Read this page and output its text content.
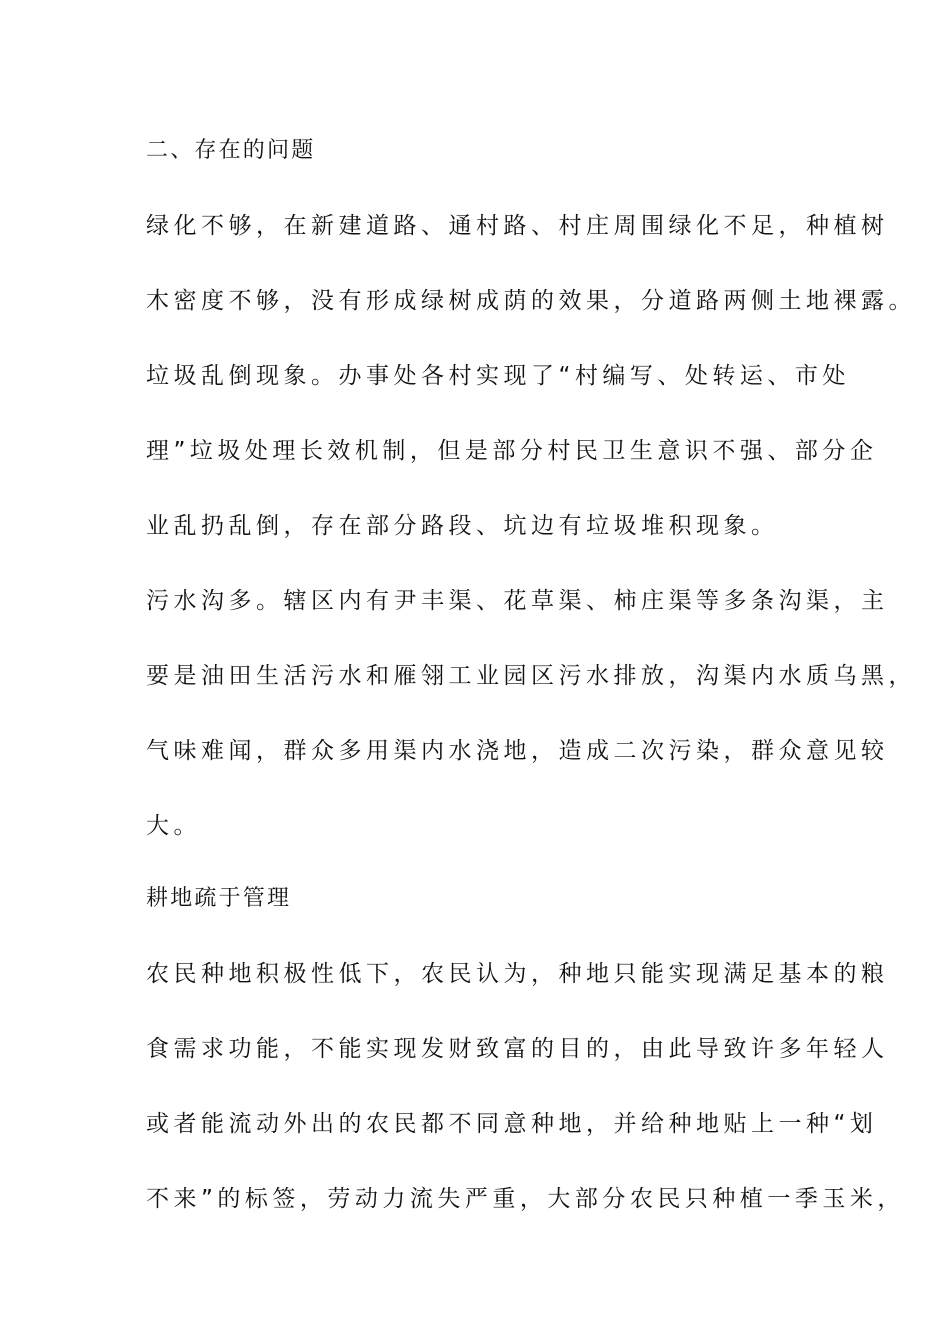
二、存在的问题
绿化不够，在新建道路、通村路、村庄周围绿化不足，种植树
木密度不够，没有形成绿树成荫的效果，分道路两侧土地裸露。
垃圾乱倒现象。办事处各村实现了“村编写、处转运、市处
理”垃圾处理长效机制，但是部分村民卫生意识不强、部分企
业乱扔乱倒，存在部分路段、坑边有垃圾堆积现象。
污水沟多。辖区内有尹丰渠、花草渠、柿庄渠等多条沟渠，主
要是油田生活污水和雁翎工业园区污水排放，沟渠内水质乌黑，
气味难闻，群众多用渠内水浇地，造成二次污染，群众意见较
大。
耕地疏于管理
农民种地积极性低下，农民认为，种地只能实现满足基本的粮
食需求功能，不能实现发财致富的目的，由此导致许多年轻人
或者能流动外出的农民都不同意种地，并给种地贴上一种“划
不来”的标签，劳动力流失严重，大部分农民只种植一季玉米，
